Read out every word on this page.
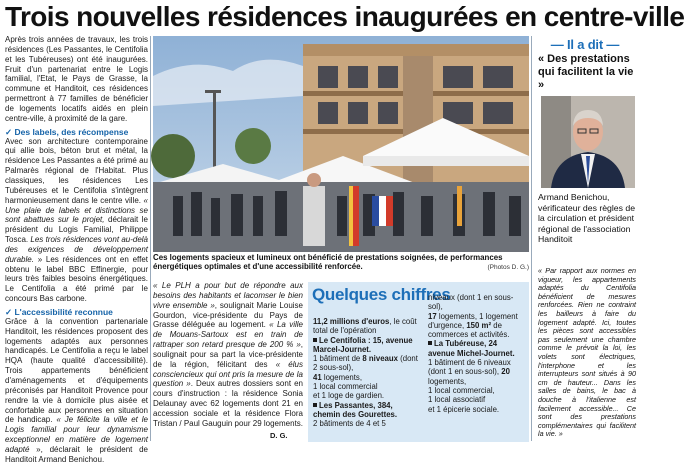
Trois nouvelles résidences inaugurées en centre-ville

Après trois années de travaux, les trois résidences (Les Passantes, le Centifolia et les Tubéreuses) ont été inaugurées. Fruit d'un partenariat entre le Logis familial, l'Etat, le Pays de Grasse, la commune et Handitoit, ces résidences permettront à 77 familles de bénéficier de logements locatifs aidés en plein centre-ville, à proximité de la gare.

✓ Des labels, des récompense

Avec son architecture contemporaine qui allie bois, béton brut et métal, la résidence Les Passantes a été primé au Palmarès régional de l'Habitat. Plus classiques, les résidences Les Tubéreuses et le Centifolia s'intègrent harmonieusement dans le centre ville. « Une plaie de labels et distinctions se sont abattues sur le projet, déclarait le président du Logis Familial, Philippe Tosca. Les trois résidences vont au-delà des exigences de développement durable. » Les résidences ont en effet obtenu le label BBC Effinergie, pour leurs très faibles besoins énergétiques. Le Centifolia a été primé par le concours Bas carbone.

✓ L'accessibilité reconnue

Grâce à la convention partenariale Handitoit, les résidences proposent des logements adaptés aux personnes handicapés. Le Centifolia a reçu le label HQA (haute qualité d'accessibilité). Trois appartements bénéficient d'aménagements et d'équipements préconisés par Handitoit Provence pour rendre la vie à domicile plus aisée et confortable aux personnes en situation de handicap. « Je félicite la ville et le Logis familial pour leur dynamisme exceptionnel en matière de logement adapté », déclarait le président de Handitoit Armand Benichou.

Ces logements spacieux et lumineux ont bénéficié de prestations soignées, de performances énergétiques optimales et d'une accessibilité renforcée.	(Photos D. G.)
« Le PLH a pour but de répondre aux besoins des habitants et lacomser le bien vivre ensemble », soulignait Marie Louise Gourdon, vice-présidente du Pays de Grasse déléguée au logement. « La ville de Mouans-Sartoux est en train de rattraper son retard presque de 200 % », soulignait pour sa part la vice-présidente de la région, félicitant des « élus consciencieux qui ont pris la mesure de la question ». Deux autres dossiers sont en cours d'instruction : la résidence Sonia Delaunay avec 62 logements dont 21 en accession sociale et la résidence Flora Tristan / Paul Gauguin pour 29 logements.
D. G.
Quelques chiffres
11,2 millions d'euros, le coût total de l'opération
Le Centifolia : 15, avenue Marcel-Journet.
1 bâtiment de 8 niveaux (dont 2 sous-sol),
41 logements,
1 local commercial
et 1 loge de gardien.
Les Passantes, 384, chemin des Gourettes.
2 bâtiments de 4 et 5
niveaux (dont 1 en sous-sol),
17 logements, 1 logement d'urgence, 150 m² de commerces et activités.
La Tubéreuse, 24 avenue Michel-Journet.
1 bâtiment de 6 niveaux (dont 1 en sous-sol), 20 logements,
1 local commercial,
1 local associatif
et 1 épicerie sociale.
— Il a dit —
« Des prestations qui facilitent la vie »
Armand Benichou, vérificateur des règles de la circulation et président régional de l'association Handitoit
« Par rapport aux normes en vigueur, les appartements adaptés du Centifolia bénéficient de mesures renforcées. Rien ne contraint les bailleurs à faire du logement adapté. Ici, toutes les pièces sont accessibles pas seulement une chambre comme le prévoit la loi, les volets sont électriques, l'interphone et les interrupteurs sont situés à 90 cm de hauteur... Dans les salles de bains, le bac à douche à l'italienne est facilement accessible... Ce sont des prestations complémentaires qui facilitent la vie. »
